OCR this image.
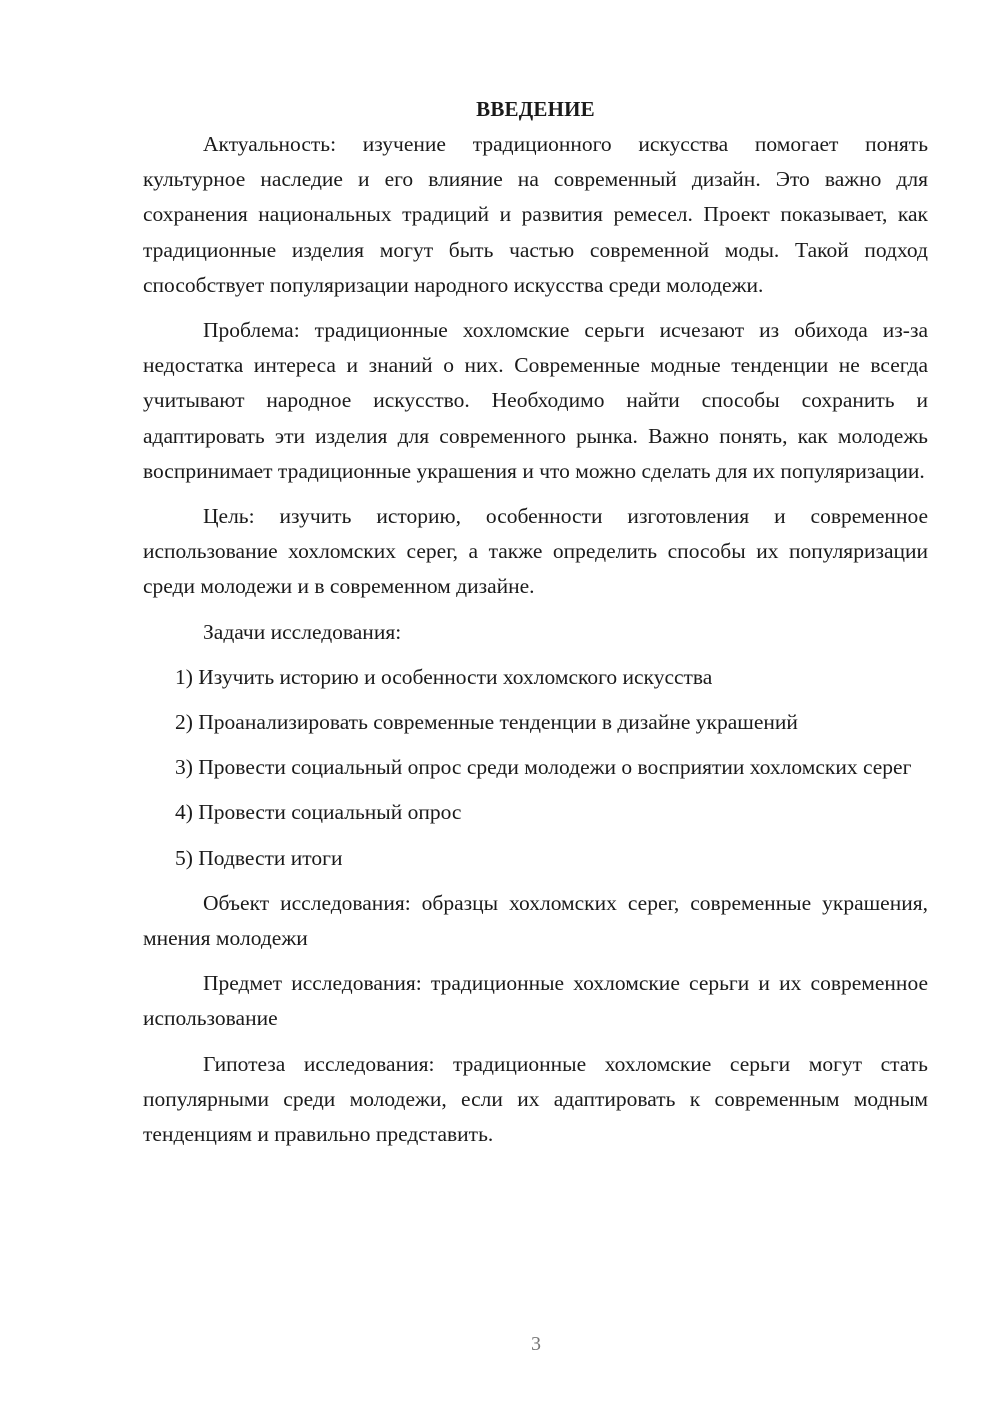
ВВЕДЕНИЕ

Актуальность: изучение традиционного искусства помогает понять культурное наследие и его влияние на современный дизайн. Это важно для сохранения национальных традиций и развития ремесел. Проект показывает, как традиционные изделия могут быть частью современной моды. Такой подход способствует популяризации народного искусства среди молодежи.

Проблема: традиционные хохломские серьги исчезают из обихода из-за недостатка интереса и знаний о них. Современные модные тенденции не всегда учитывают народное искусство. Необходимо найти способы сохранить и адаптировать эти изделия для современного рынка. Важно понять, как молодежь воспринимает традиционные украшения и что можно сделать для их популяризации.

Цель: изучить историю, особенности изготовления и современное использование хохломских серег, а также определить способы их популяризации среди молодежи и в современном дизайне.

Задачи исследования:

1) Изучить историю и особенности хохломского искусства

2) Проанализировать современные тенденции в дизайне украшений

3) Провести социальный опрос среди молодежи о восприятии хохломских серег

4) Провести социальный опрос

5) Подвести итоги

Объект исследования: образцы хохломских серег, современные украшения, мнения молодежи

Предмет исследования: традиционные хохломские серьги и их современное использование

Гипотеза исследования: традиционные хохломские серьги могут стать популярными среди молодежи, если их адаптировать к современным модным тенденциям и правильно представить.

3
